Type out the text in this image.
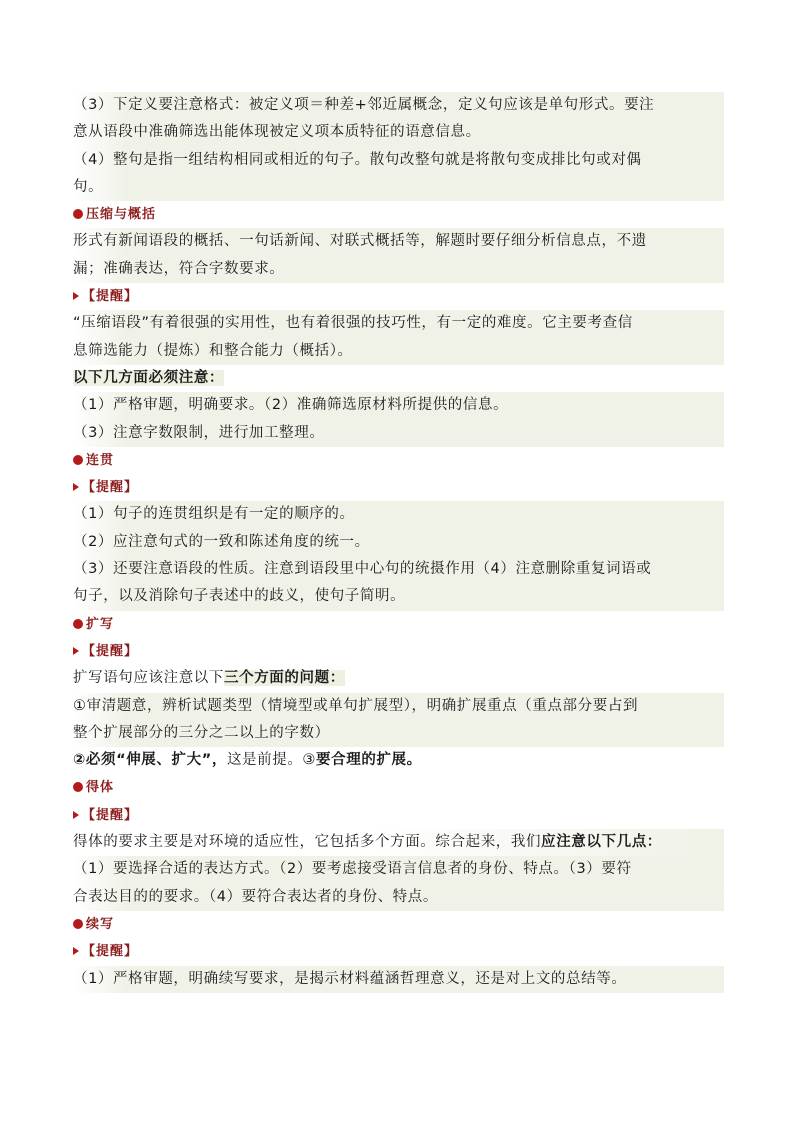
（3）下定义要注意格式：被定义项＝种差+邻近属概念，定义句应该是单句形式。要注
意从语段中准确筛选出能体现被定义项本质特征的语意信息。
（4）整句是指一组结构相同或相近的句子。散句改整句就是将散句变成排比句或对偶
句。
压缩与概括
形式有新闻语段的概括、一句话新闻、对联式概括等，解题时要仔细分析信息点，不遗
漏；准确表达，符合字数要求。
【提醒】
“压缩语段”有着很强的实用性，也有着很强的技巧性，有一定的难度。它主要考查信
息筛选能力（提炼）和整合能力（概括）。
以下几方面必须注意：
（1）严格审题，明确要求。（2）准确筛选原材料所提供的信息。
（3）注意字数限制，进行加工整理。
连贯
【提醒】
（1）句子的连贯组织是有一定的顺序的。
（2）应注意句式的一致和陈述角度的统一。
（3）还要注意语段的性质。注意到语段里中心句的统摄作用（4）注意删除重复词语或
句子，以及消除句子表述中的歧义，使句子简明。
扩写
【提醒】
扩写语句应该注意以下三个方面的问题：
①审清题意，辨析试题类型（情境型或单句扩展型），明确扩展重点（重点部分要占到
整个扩展部分的三分之二以上的字数）
②必须“伸展、扩大”，这是前提。③要合理的扩展。
得体
【提醒】
得体的要求主要是对环境的适应性，它包括多个方面。综合起来，我们应注意以下几点：
（1）要选择合适的表达方式。（2）要考虑接受语言信息者的身份、特点。（3）要符
合表达目的的要求。（4）要符合表达者的身份、特点。
续写
【提醒】
（1）严格审题，明确续写要求，是揭示材料蕴涵哲理意义，还是对上文的总结等。
